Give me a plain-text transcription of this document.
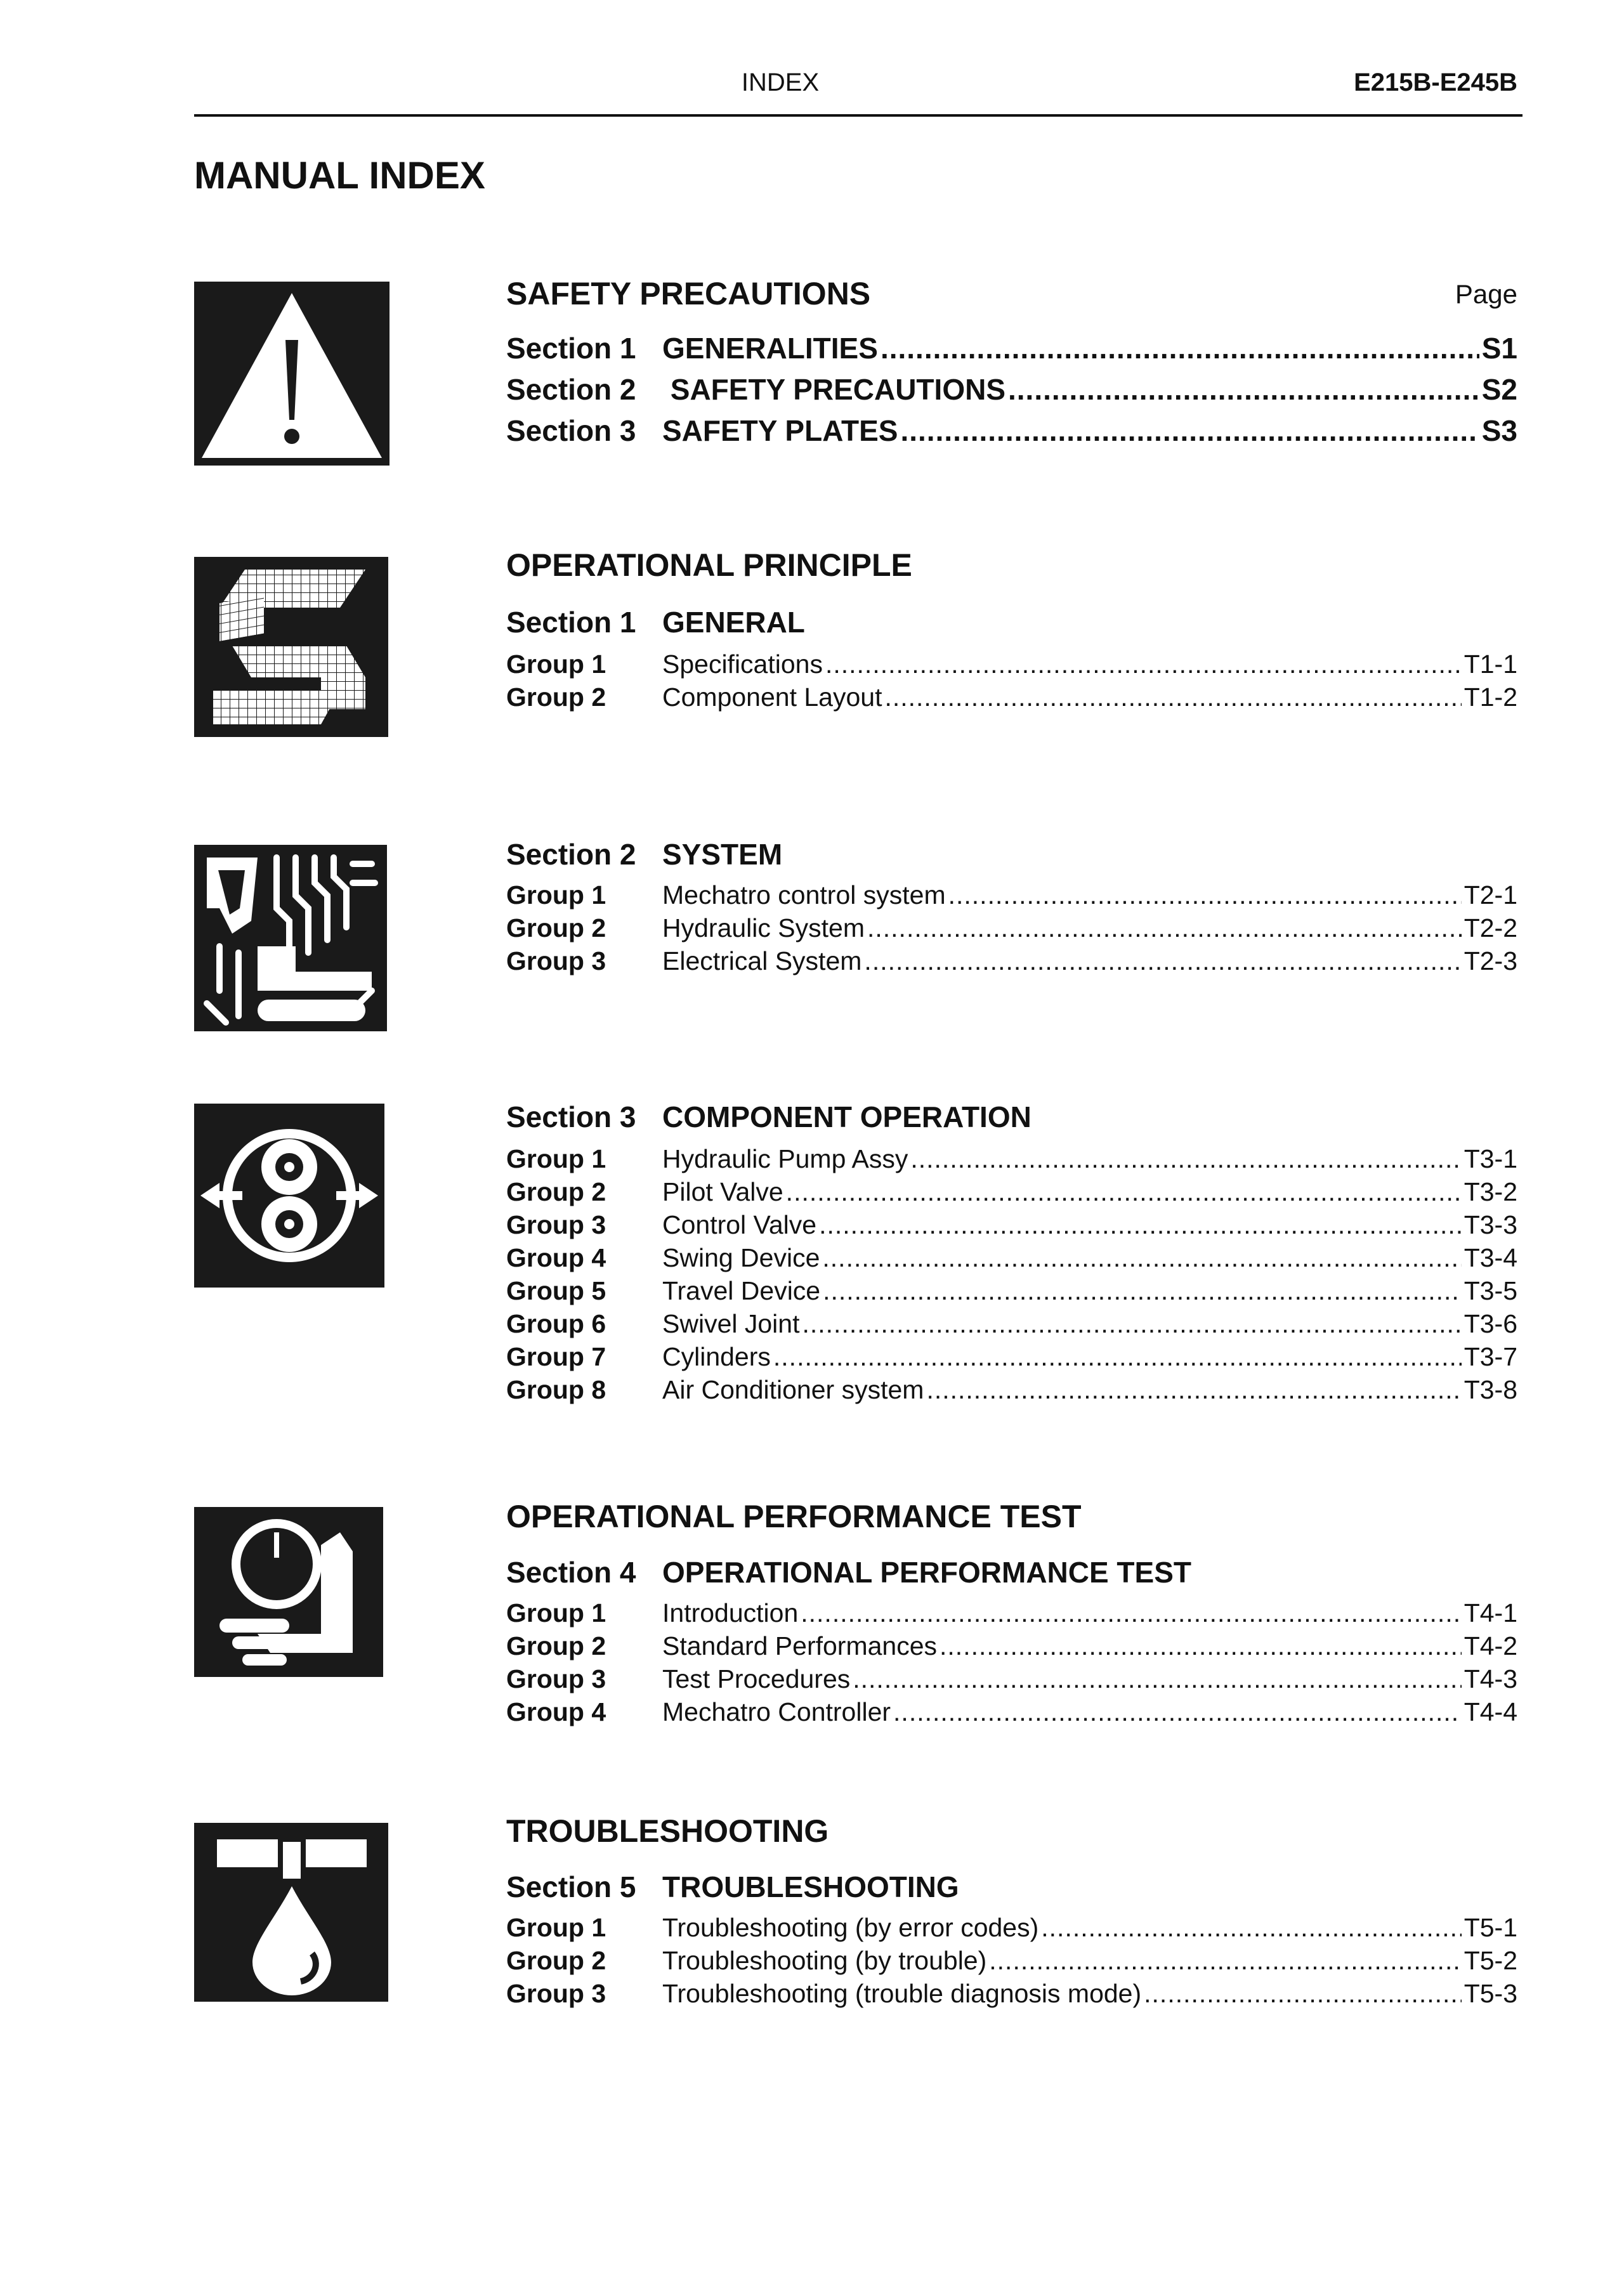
INDEX	E215B-E245B
MANUAL INDEX
SAFETY PRECAUTIONS	Page
Section 1 GENERALITIES .....	S1
Section 2 SAFETY PRECAUTIONS .....	S2
Section 3 SAFETY PLATES .....	S3
OPERATIONAL PRINCIPLE
Section 1 GENERAL
Group 1	Specifications .....	T1-1
Group 2	Component Layout .....	T1-2
Section 2 SYSTEM
Group 1	Mechatro control system .....	T2-1
Group 2	Hydraulic System .....	T2-2
Group 3	Electrical System .....	T2-3
Section 3 COMPONENT OPERATION
Group 1	Hydraulic Pump Assy .....	T3-1
Group 2	Pilot Valve .....	T3-2
Group 3	Control Valve .....	T3-3
Group 4	Swing Device .....	T3-4
Group 5	Travel Device .....	T3-5
Group 6	Swivel Joint .....	T3-6
Group 7	Cylinders .....	T3-7
Group 8	Air Conditioner system .....	T3-8
OPERATIONAL PERFORMANCE TEST
Section 4 OPERATIONAL PERFORMANCE TEST
Group 1	Introduction .....	T4-1
Group 2	Standard Performances .....	T4-2
Group 3	Test Procedures .....	T4-3
Group 4	Mechatro Controller .....	T4-4
TROUBLESHOOTING
Section 5 TROUBLESHOOTING
Group 1	Troubleshooting (by error codes) .....	T5-1
Group 2	Troubleshooting (by trouble) .....	T5-2
Group 3	Troubleshooting (trouble diagnosis mode) .....	T5-3
